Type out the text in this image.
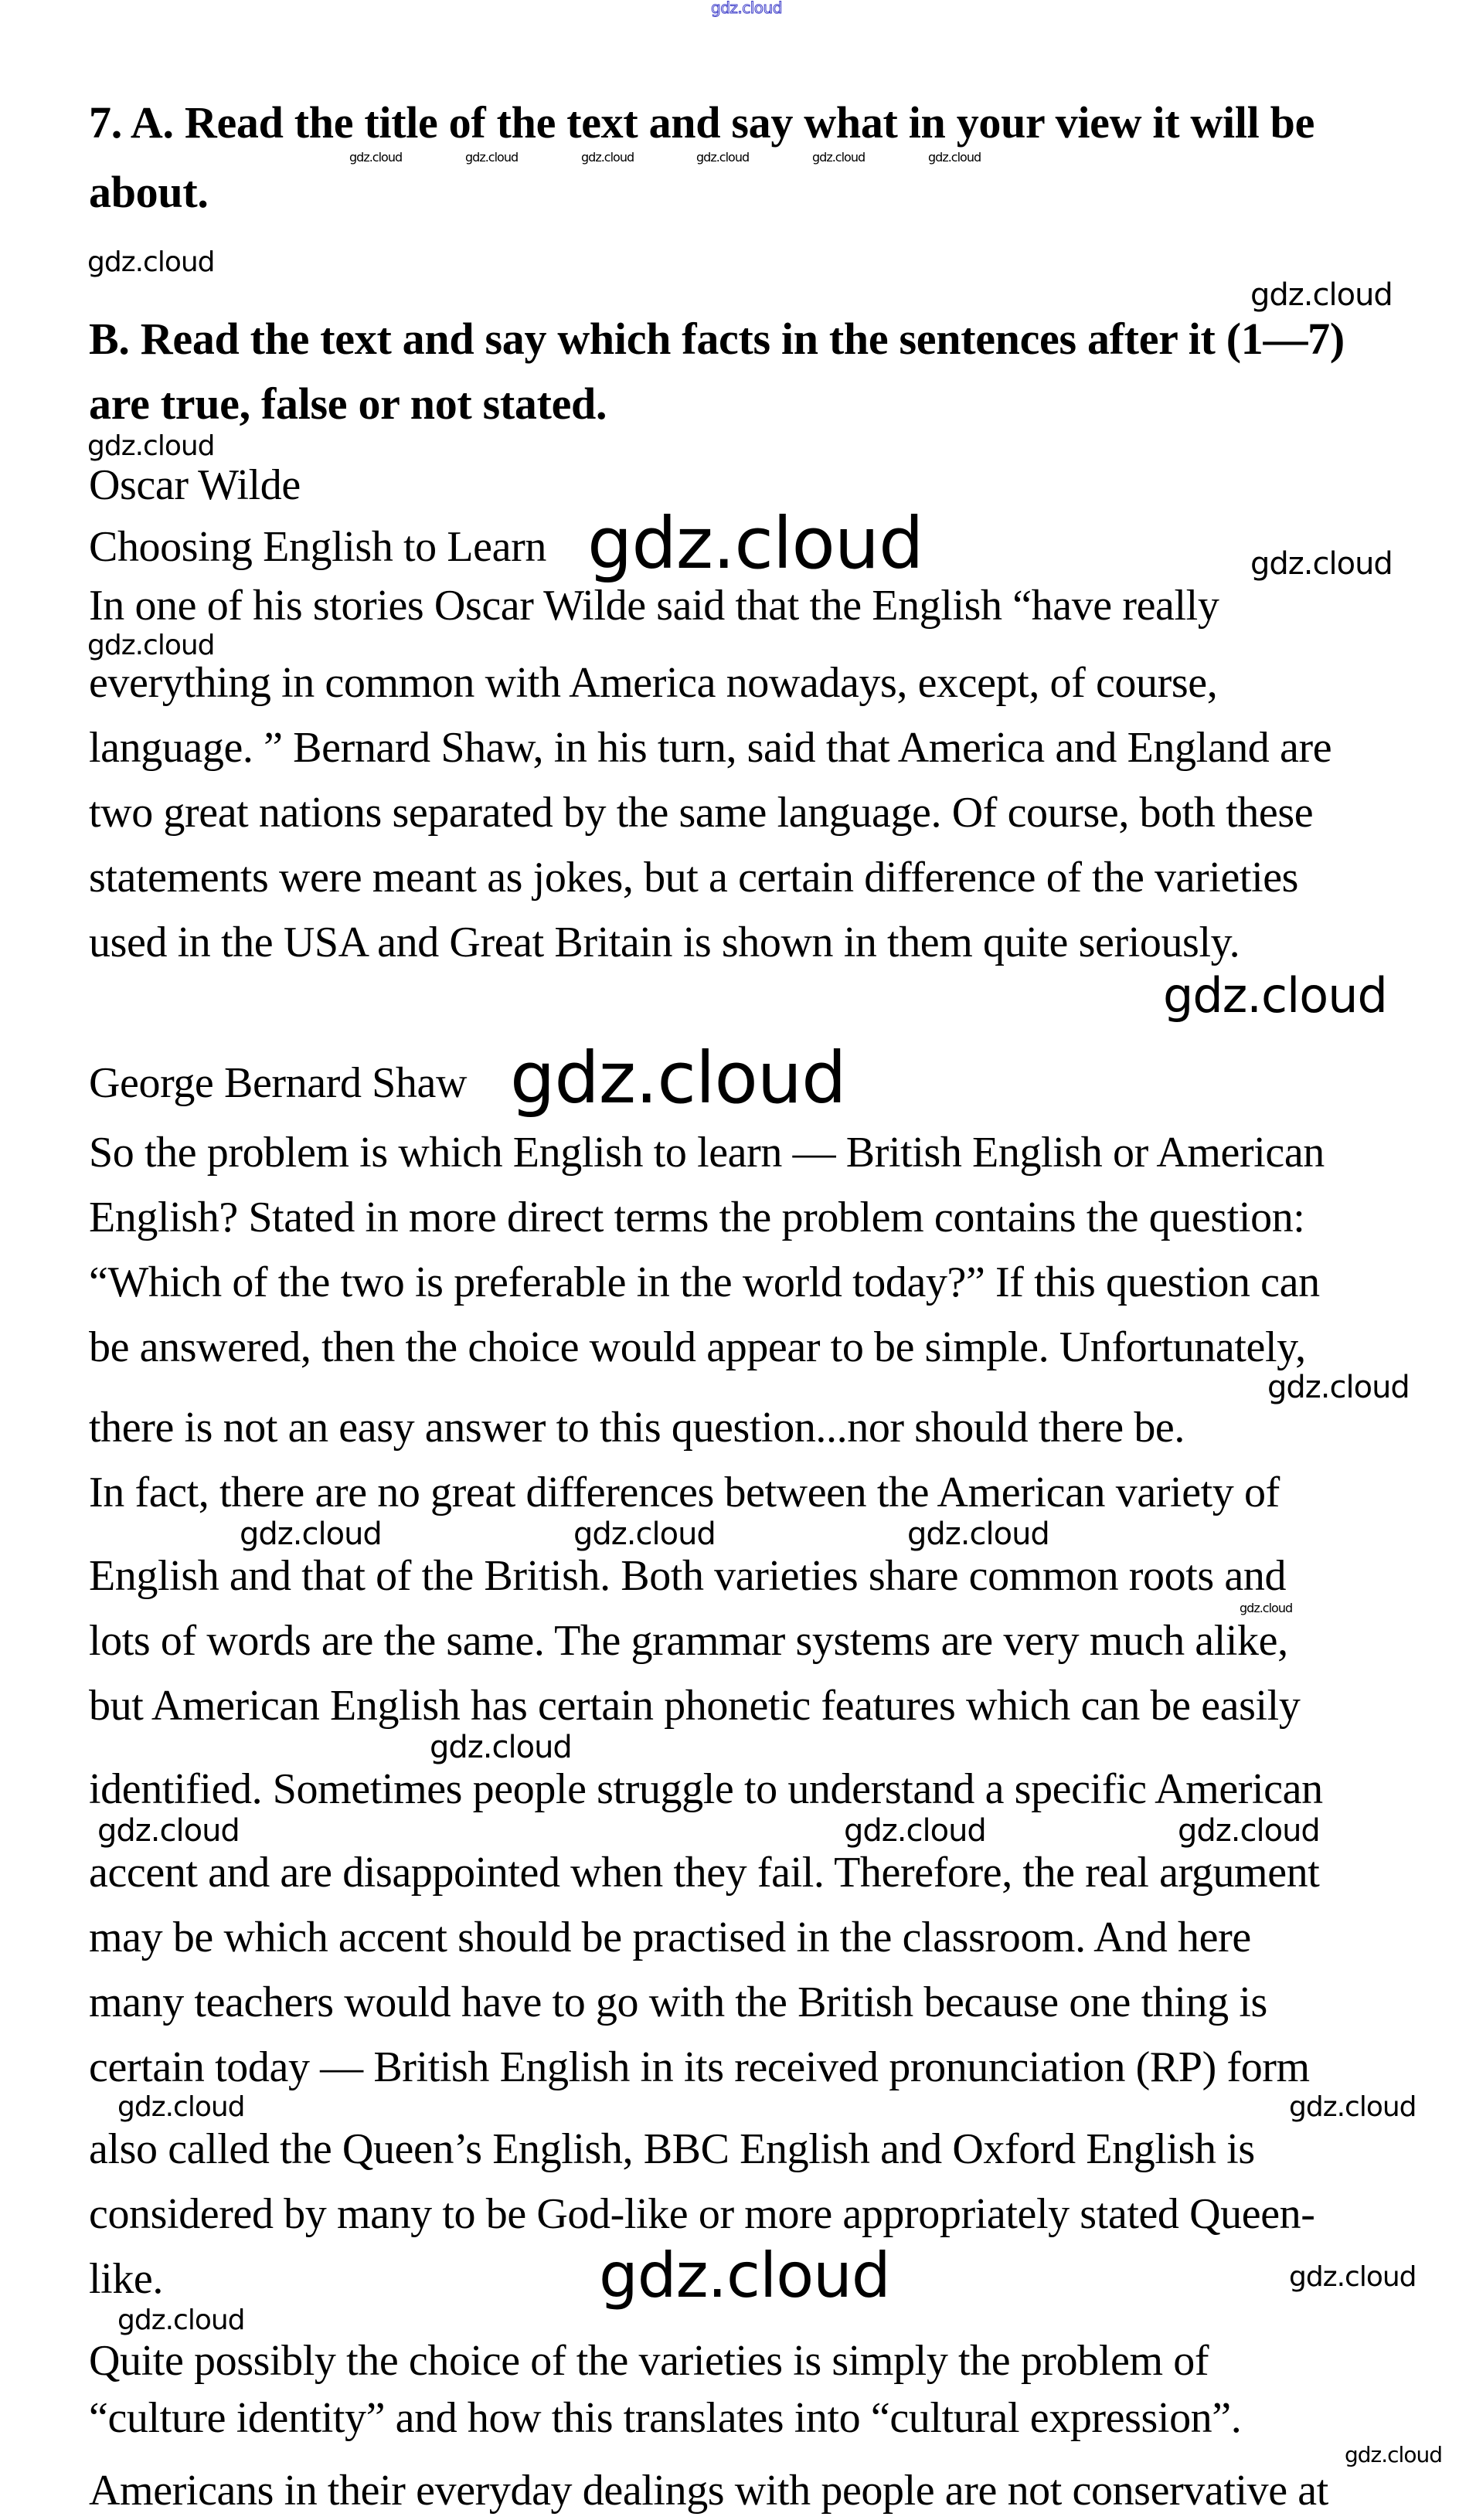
gdz.cloud
7. A. Read the title of the text and say what in your view it will be
about.
gdz.cloud	gdz.cloud	gdz.cloud	gdz.cloud	gdz.cloud	gdz.cloud
gdz.cloud
gdz.cloud
B. Read the text and say which facts in the sentences after it (1—7)
are true, false or not stated.
gdz.cloud
Oscar Wilde
Choosing English to Learn gdz.cloud	gdz.cloud
In one of his stories Oscar Wilde said that the English “have really
gdz.cloud
everything in common with America nowadays, except, of course,
language. ” Bernard Shaw, in his turn, said that America and England are
two great nations separated by the same language. Of course, both these
statements were meant as jokes, but a certain difference of the varieties
used in the USA and Great Britain is shown in them quite seriously.
gdz.cloud
George Bernard Shaw gdz.cloud
So the problem is which English to learn — British English or American
English? Stated in more direct terms the problem contains the question:
“Which of the two is preferable in the world today?” If this question can
be answered, then the choice would appear to be simple. Unfortunately,
gdz.cloud
there is not an easy answer to this question...nor should there be.
In fact, there are no great differences between the American variety of
gdz.cloud	gdz.cloud	gdz.cloud
English and that of the British. Both varieties share common roots and
gdz.cloud
lots of words are the same. The grammar systems are very much alike,
but American English has certain phonetic features which can be easily
gdz.cloud
identified. Sometimes people struggle to understand a specific American
gdz.cloud	gdz.cloud	gdz.cloud
accent and are disappointed when they fail. Therefore, the real argument
may be which accent should be practised in the classroom. And here
many teachers would have to go with the British because one thing is
certain today — British English in its received pronunciation (RP) form
gdz.cloud	gdz.cloud
also called the Queen’s English, BBC English and Oxford English is
considered by many to be God-like or more appropriately stated Queen-
like.	gdz.cloud	gdz.cloud
gdz.cloud
Quite possibly the choice of the varieties is simply the problem of
“culture identity” and how this translates into “cultural expression”.
gdz.cloud
Americans in their everyday dealings with people are not conservative at
